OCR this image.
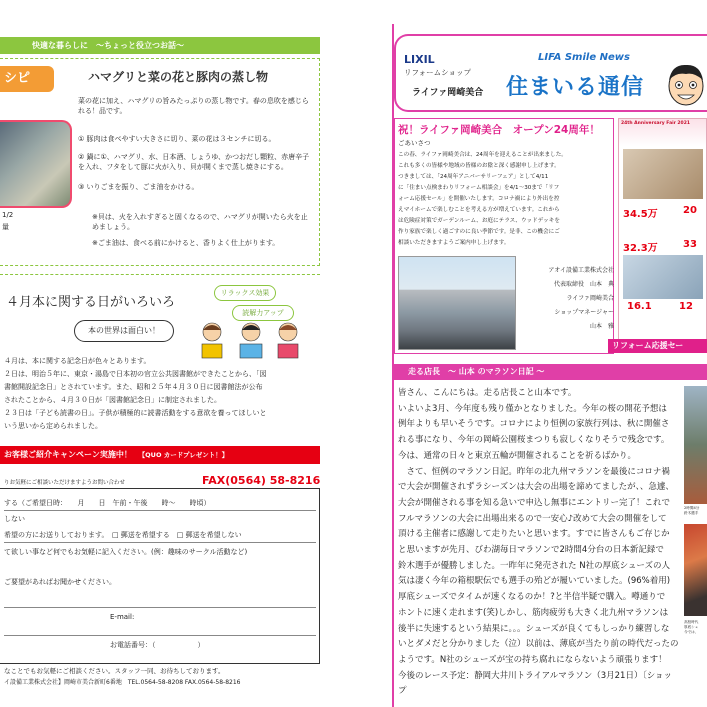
快適な暮らしに　～ちょっと役立つお話～
シピ	ハマグリと菜の花と豚肉の蒸し物
菜の花に加え、ハマグリの旨みたっぷりの蒸し物です。春の息吹を感じられる！品です。
1/2
量
① 豚肉は食べやすい大きさに切り、菜の花は３センチに切る。
② 鍋に①、ハマグリ、水、日本酒、しょうゆ、かつおだし顆粒、赤唐辛子を入れ、フタをして豚に火が入り、貝が開くまで蒸し焼きにする。
③ いりごまを振り、ごま油をかける。
※貝は、火を入れすぎると固くなるので、ハマグリが開いたら火を止めましょう。
※ごま油は、食べる前にかけると、香りよく仕上がります。
４月本に関する日がいろいろ
リラックス効果
読解力アップ
本の世界は面白い！
４月は、本に関する記念日が色々とあります。
２日は、明治５年に、東京・湯島で日本初の官立公共図書館ができたことから、「図
書館開設記念日」とされています。また、昭和２５年４月３０日に図書館法が公布
されたことから、４月３０日が「図書館記念日」に制定されました。
２３日は「子ども読書の日」。子供が積極的に読書活動をする意欲を養ってほしいと
いう思いから定められました。
お客様ご紹介キャンペーン実施中！ 【QUO カードプレゼント！】
りお気軽にご相談いただけますようお問い合わせ	FAX(0564) 58-8216
する（ご希望日時：　　月　　日　午前・午後　　時～　　時頃）
しない
希望の方にお送りしております。　□ 郵送を希望する　□ 郵送を希望しない
て欲しい事など何でもお気軽に記入ください。(例：趣味のサークル活動など)
ご要望があればお聞かせください。
E-mail:
お電話番号：（　　　　　　）
なことでもお気軽にご相談ください。スタッフ一同、お待ちしております。
イ設備工業株式会社】岡崎市美合新町6番地　TEL.0564-58-8208 FAX.0564-58-8216
LIXIL
リフォームショップ
ライファ岡崎美合
LIFA Smile News
住まいる通信
祝！ライファ岡崎美合　オープン24周年！
ごあいさつ
この春、ライファ岡崎美合は、24周年を迎えることが出来ました。
これも多くの皆様や地域の皆様のお陰と深く感謝申し上げます。
つきましては、「24周年アニバーサリーフェア」として4/11
に「住まい点検まわりリフォーム相談会」を4/1～30まで「リフ
ォーム応援セール」を開催いたします。コロナ禍により外出を控
えマイホームで楽しむことを考える方が増えています。これから
は危険症対策でガーデンルーム、お庭にテラス、ウッドデッキを
作り家族で楽しく過ごすのに良い季節です。是非、この機会にご
相談いただきますようご案内申し上げます。
アオイ設備工業株式会社
代表取締役　山本　典
ライファ岡崎美合
ショップマネージャー
山本　雅
24th Anniversary Fair 2021
34.5万	20
32.3万	33
16.1	12
リフォーム応援セー
走る店長　～ 山本 のマラソン日記 ～
皆さん、こんにちは。走る店長こと山本です。
いよいよ3月、今年度も残り僅かとなりました。今年の桜の開花予想は
例年よりも早いそうです。コロナにより恒例の家族行列は、秋に開催さ
れる事になり、今年の岡崎公園桜まつりも寂しくなりそうで残念です。
今は、通常の日々と東京五輪が開催されることを祈るばかり。
　さて、恒例のマラソン日記。昨年の北九州マラソンを最後にコロナ禍
で大会が開催されずラシーズンは大会の出場を諦めてましたが、、急遽、
大会が開催される事を知る急いで申込し無事にエントリー完了！これで
フルマラソンの大会に出場出来るので一安心♪改めて大会の開催をして
頂ける主催者に感謝して走りたいと思います。すでに皆さんもご存じか
と思いますが先月、びわ湖毎日マラソンで2時間4分台の日本新記録で
鈴木選手が優勝しました。一昨年に発売された N社の厚底シューズの人
気は凄く今年の箱根駅伝でも選手の殆どが履いていました。(96%着用)
厚底シューズでタイムが速くなるのか！?と半信半疑で購入。噂通りで
ホントに速く走れます(笑)しかし、筋肉疲労も大きく北九州マラソンは
後半に失速するという結果に。。。シューズが良くてもしっかり練習しな
いとダメだと分かりました（泣）以前は、薄底が当たり前の時代だったの
ようです。N社のシューズが宝の持ち腐れにならないよう頑張ります！
今後のレース予定：静岡大井川トライアルマラソン（3月21日）〔ショップ
2時間4分
鈴木選手
高校時代
厚底シュ
今では、
